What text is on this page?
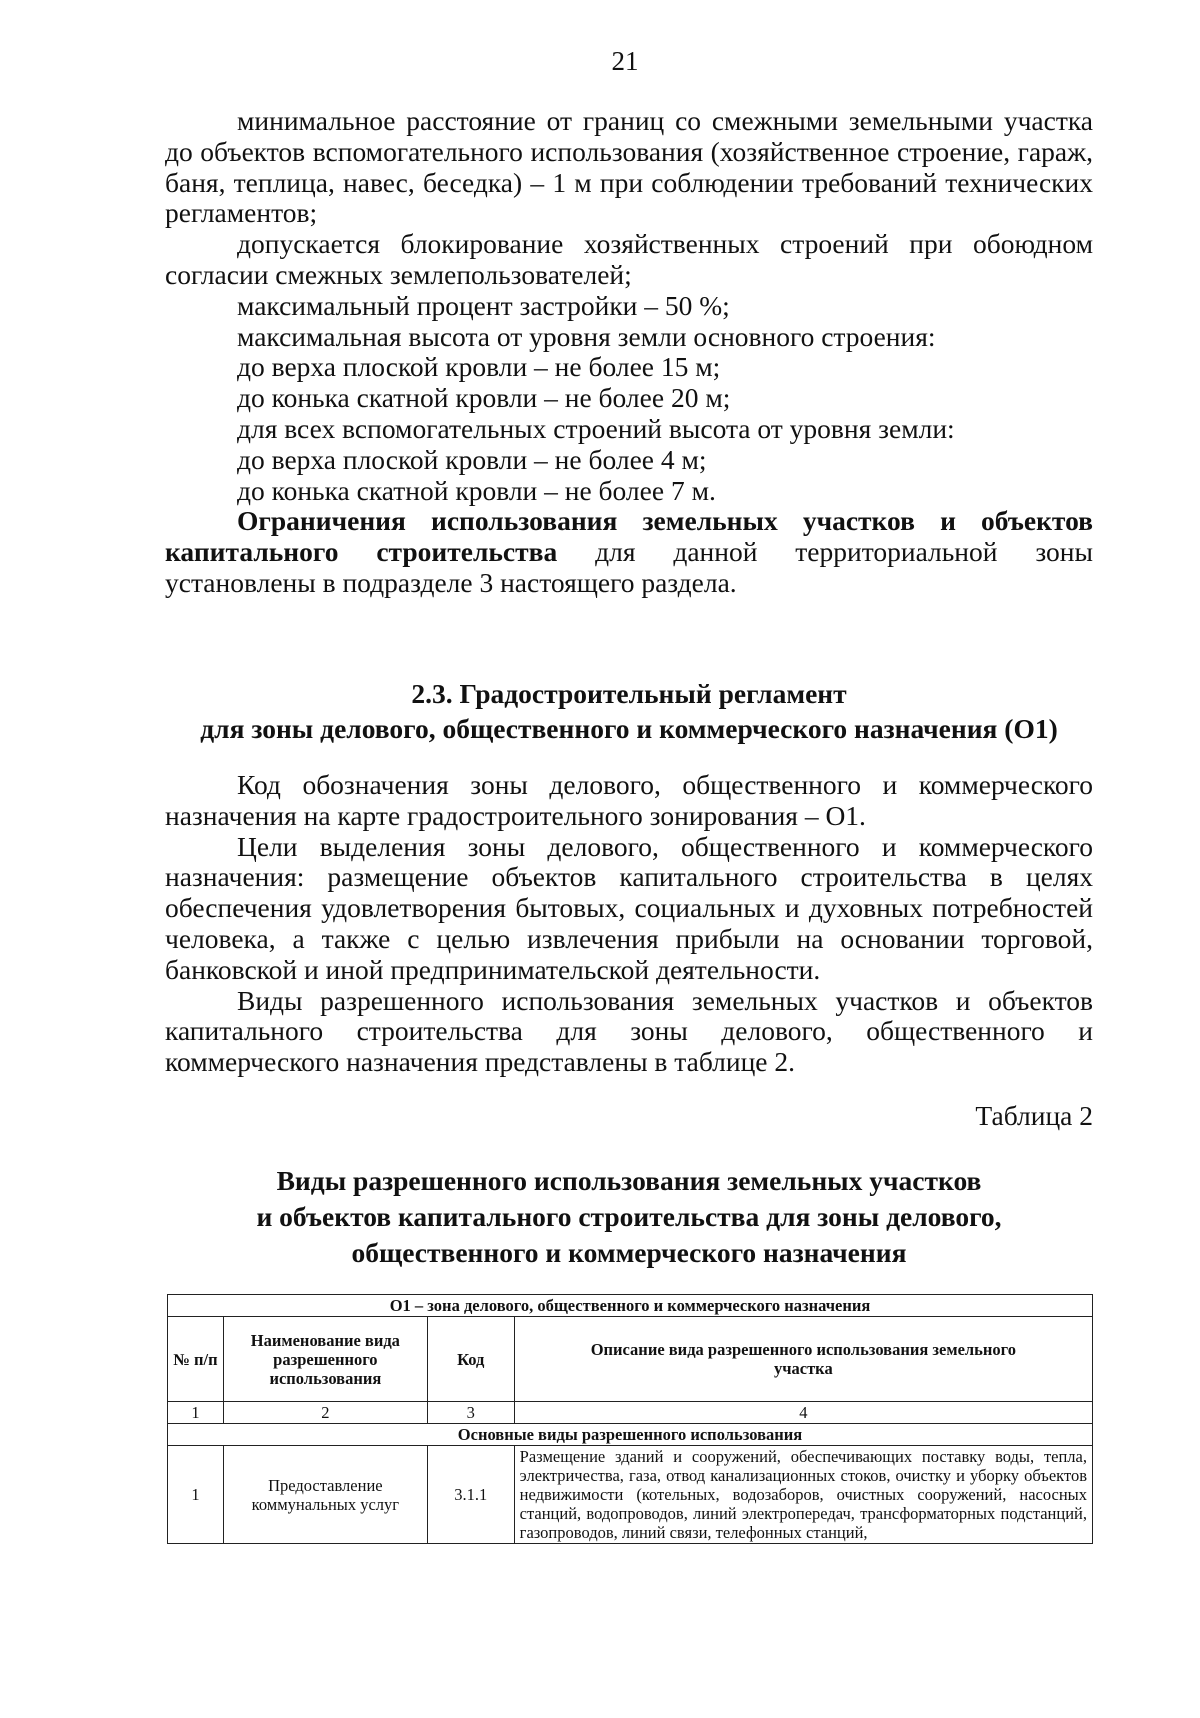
21

минимальное расстояние от границ со смежными земельными участка до объектов вспомогательного использования (хозяйственное строение, гараж, баня, теплица, навес, беседка) – 1 м при соблюдении требований технических регламентов;

допускается блокирование хозяйственных строений при обоюдном согласии смежных землепользователей;

максимальный процент застройки – 50 %;

максимальная высота от уровня земли основного строения:

до верха плоской кровли – не более 15 м;

до конька скатной кровли – не более 20 м;

для всех вспомогательных строений высота от уровня земли:

до верха плоской кровли – не более 4 м;

до конька скатной кровли – не более 7 м.

Ограничения использования земельных участков и объектов капитального строительства для данной территориальной зоны установлены в подразделе 3 настоящего раздела.

2.3. Градостроительный регламент
для зоны делового, общественного и коммерческого назначения (О1)

Код обозначения зоны делового, общественного и коммерческого назначения на карте градостроительного зонирования – О1.

Цели выделения зоны делового, общественного и коммерческого назначения: размещение объектов капитального строительства в целях обеспечения удовлетворения бытовых, социальных и духовных потребностей человека, а также с целью извлечения прибыли на основании торговой, банковской и иной предпринимательской деятельности.

Виды разрешенного использования земельных участков и объектов капитального строительства для зоны делового, общественного и коммерческого назначения представлены в таблице 2.

Таблица 2
Виды разрешенного использования земельных участков
и объектов капитального строительства для зоны делового,
общественного и коммерческого назначения
О1 – зона делового, общественного и коммерческого назначения			
№ п/п	Наименование вида разрешенного использования	Код	Описание вида разрешенного использования земельного участка
1	2	3	4
Основные виды разрешенного использования			
1	Предоставление коммунальных услуг	3.1.1	Размещение зданий и сооружений, обеспечивающих поставку воды, тепла, электричества, газа, отвод канализационных стоков, очистку и уборку объектов недвижимости (котельных, водозаборов, очистных сооружений, насосных станций, водопроводов, линий электропередач, трансформаторных подстанций, газопроводов, линий связи, телефонных станций,
